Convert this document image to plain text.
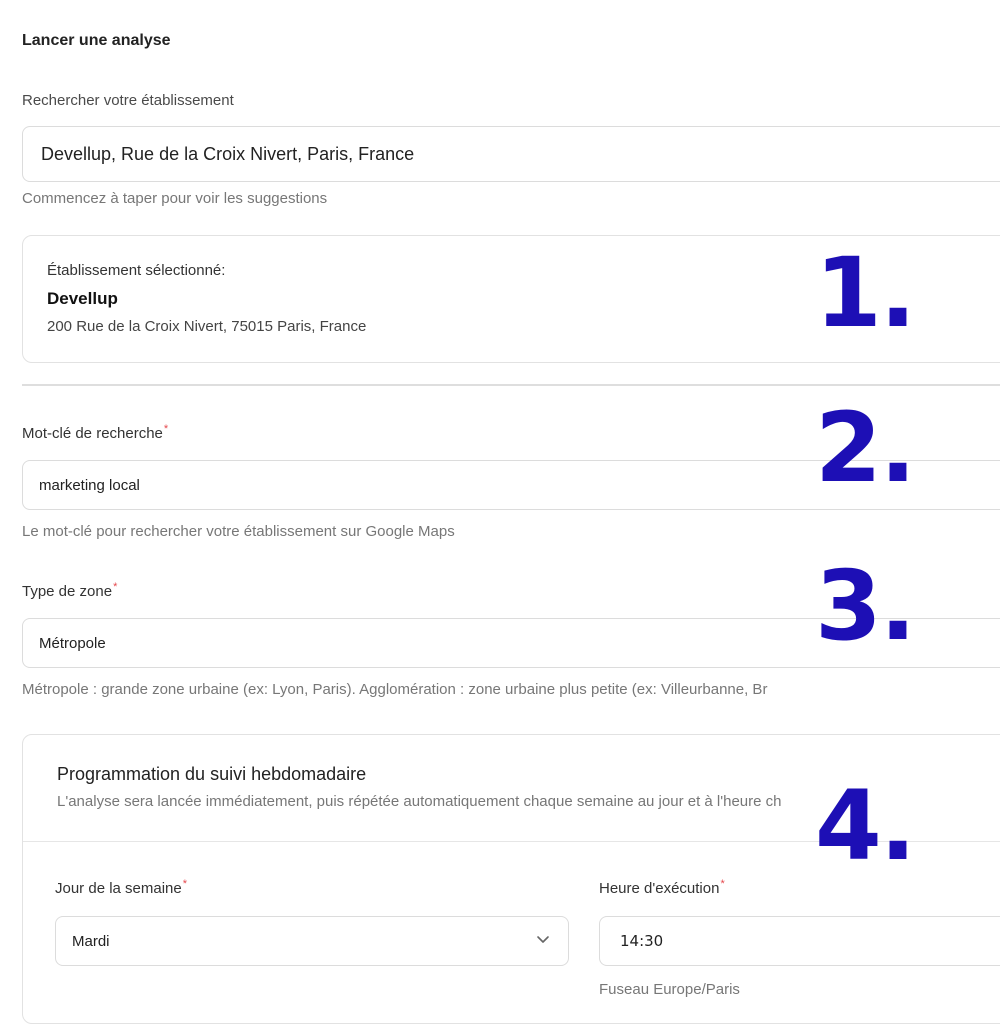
Lancer une analyse
Rechercher votre établissement
Devellup, Rue de la Croix Nivert, Paris, France
Commencez à taper pour voir les suggestions
Établissement sélectionné:
Devellup
200 Rue de la Croix Nivert, 75015 Paris, France	1.
Mot-clé de recherche*
marketing local
Le mot-clé pour rechercher votre établissement sur Google Maps
2.
Type de zone*
Métropole
Métropole : grande zone urbaine (ex: Lyon, Paris). Agglomération : zone urbaine plus petite (ex: Villeurbanne, Br
3.
Programmation du suivi hebdomadaire
L'analyse sera lancée immédiatement, puis répétée automatiquement chaque semaine au jour et à l'heure ch
Jour de la semaine*
Mardi
Heure d'exécution*
14:30
Fuseau Europe/Paris
4.
